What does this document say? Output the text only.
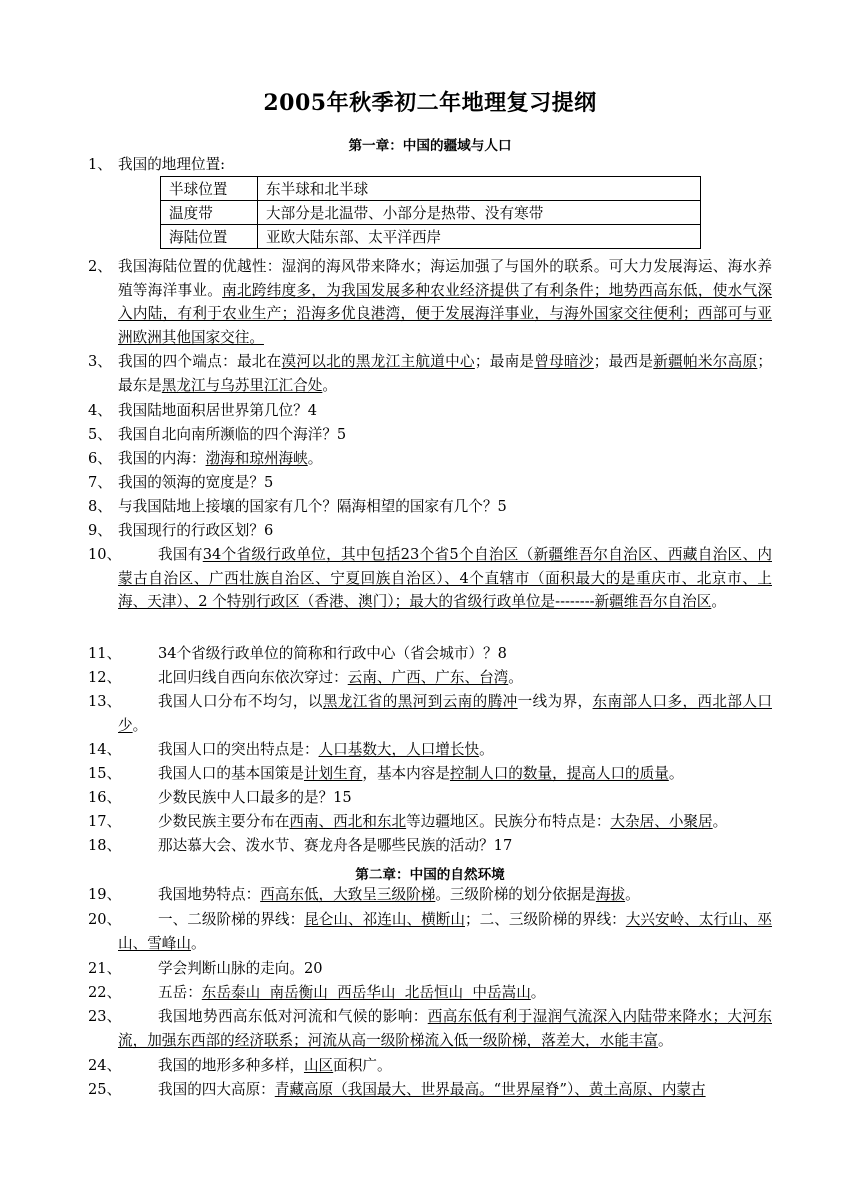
2005年秋季初二年地理复习提纲
第一章：中国的疆域与人口
1、 我国的地理位置:
半球位置	东半球和北半球
温度带	大部分是北温带、小部分是热带、没有寒带
海陆位置	亚欧大陆东部、太平洋西岸
2、 我国海陆位置的优越性：湿润的海风带来降水；海运加强了与国外的联系。可大力发展海运、海水养殖等海洋事业。南北跨纬度多，为我国发展多种农业经济提供了有利条件；地势西高东低，使水气深入内陆，有利于农业生产；沿海多优良港湾，便于发展海洋事业，与海外国家交往便利；西部可与亚洲欧洲其他国家交往。
3、 我国的四个端点：最北在漠河以北的黑龙江主航道中心；最南是曾母暗沙；最西是新疆帕米尔高原；最东是黑龙江与乌苏里江汇合处。
4、 我国陆地面积居世界第几位？4
5、 我国自北向南所濒临的四个海洋？5
6、 我国的内海：渤海和琼州海峡。
7、 我国的领海的宽度是？5
8、 与我国陆地上接壤的国家有几个？隔海相望的国家有几个？5
9、 我国现行的行政区划？6
10、	我国有34个省级行政单位，其中包括23个省5个自治区（新疆维吾尔自治区、西藏自治区、内蒙古自治区、广西壮族自治区、宁夏回族自治区）、4个直辖市（面积最大的是重庆市、北京市、上海、天津）、2 个特别行政区（香港、澳门）；最大的省级行政单位是--------新疆维吾尔自治区。
11、	34个省级行政单位的简称和行政中心（省会城市）？8
12、	北回归线自西向东依次穿过：云南、广西、广东、台湾。
13、	我国人口分布不均匀，以黑龙江省的黑河到云南的腾冲一线为界，东南部人口多，西北部人口少。
14、	我国人口的突出特点是：人口基数大，人口增长快。
15、	我国人口的基本国策是计划生育，基本内容是控制人口的数量，提高人口的质量。
16、	少数民族中人口最多的是？15
17、	少数民族主要分布在西南、西北和东北等边疆地区。民族分布特点是：大杂居、小聚居。
18、	那达慕大会、泼水节、赛龙舟各是哪些民族的活动？17
第二章：中国的自然环境
19、	我国地势特点：西高东低，大致呈三级阶梯。三级阶梯的划分依据是海拔。
20、	一、二级阶梯的界线：昆仑山、祁连山、横断山；二、三级阶梯的界线：大兴安岭、太行山、巫山、雪峰山。
21、	学会判断山脉的走向。20
22、	五岳：东岳泰山  南岳衡山  西岳华山  北岳恒山  中岳嵩山。
23、	我国地势西高东低对河流和气候的影响：西高东低有利于湿润气流深入内陆带来降水；大河东流，加强东西部的经济联系；河流从高一级阶梯流入低一级阶梯，落差大，水能丰富。
24、	我国的地形多种多样，山区面积广。
25、	我国的四大高原：青藏高原（我国最大、世界最高。“世界屋脊”）、黄土高原、内蒙古
